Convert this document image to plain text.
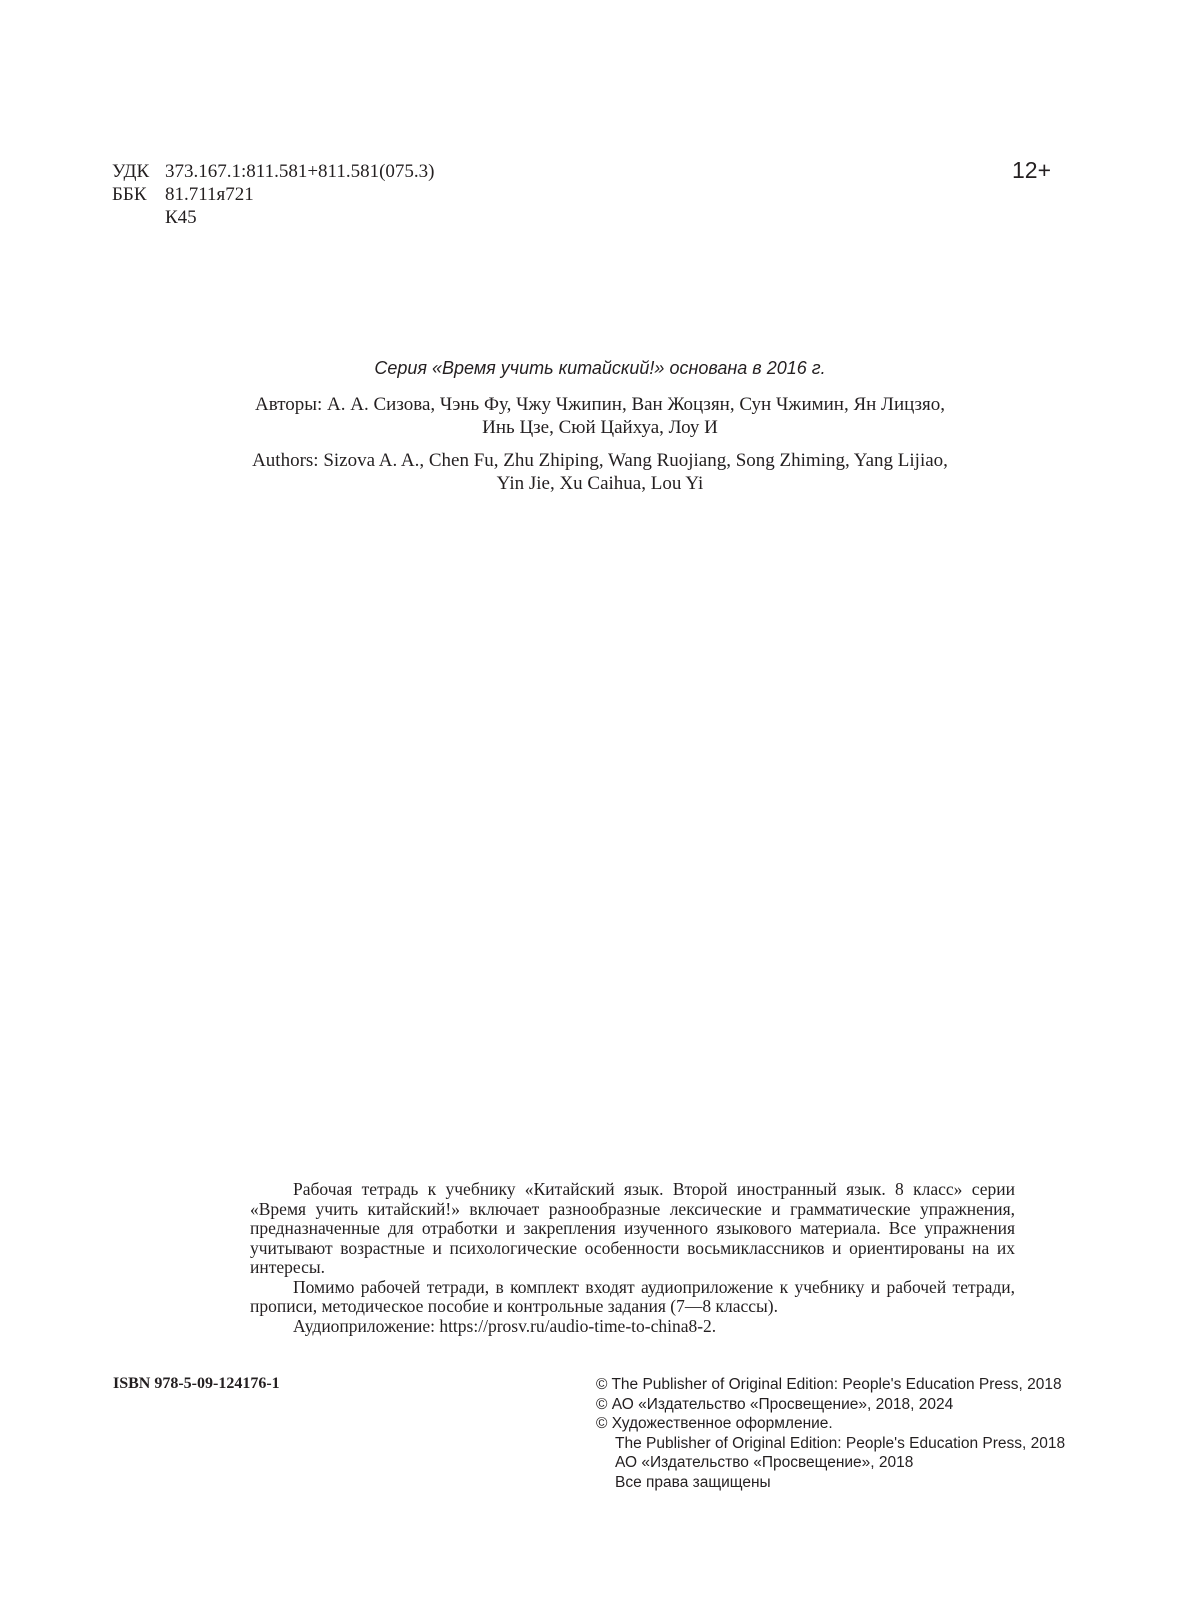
УДК 373.167.1:811.581+811.581(075.3)
ББК 81.711я721
К45
12+
Серия «Время учить китайский!» основана в 2016 г.
Авторы: А. А. Сизова, Чэнь Фу, Чжу Чжипин, Ван Жоцзян, Сун Чжимин, Ян Лицзяо,
Инь Цзе, Сюй Цайхуа, Лоу И
Authors: Sizova A. A., Chen Fu, Zhu Zhiping, Wang Ruojiang, Song Zhiming, Yang Lijiao,
Yin Jie, Xu Caihua, Lou Yi

Рабочая тетрадь к учебнику «Китайский язык. Второй иностранный язык. 8 класс» серии «Время учить китайский!» включает разнообразные лексические и грамматические упражнения, предназначенные для отработки и закрепления изученного языкового материала. Все упражнения учитывают возрастные и психологические особенности восьмиклассников и ориентированы на их интересы.

Помимо рабочей тетради, в комплект входят аудиоприложение к учебнику и рабочей тетради, прописи, методическое пособие и контрольные задания (7—8 классы).

Аудиоприложение: https://prosv.ru/audio-time-to-china8-2.

ISBN 978-5-09-124176-1	© The Publisher of Original Edition: People's Education Press, 2018
© АО «Издательство «Просвещение», 2018, 2024
© Художественное оформление.
The Publisher of Original Edition: People's Education Press, 2018
АО «Издательство «Просвещение», 2018
Все права защищены
